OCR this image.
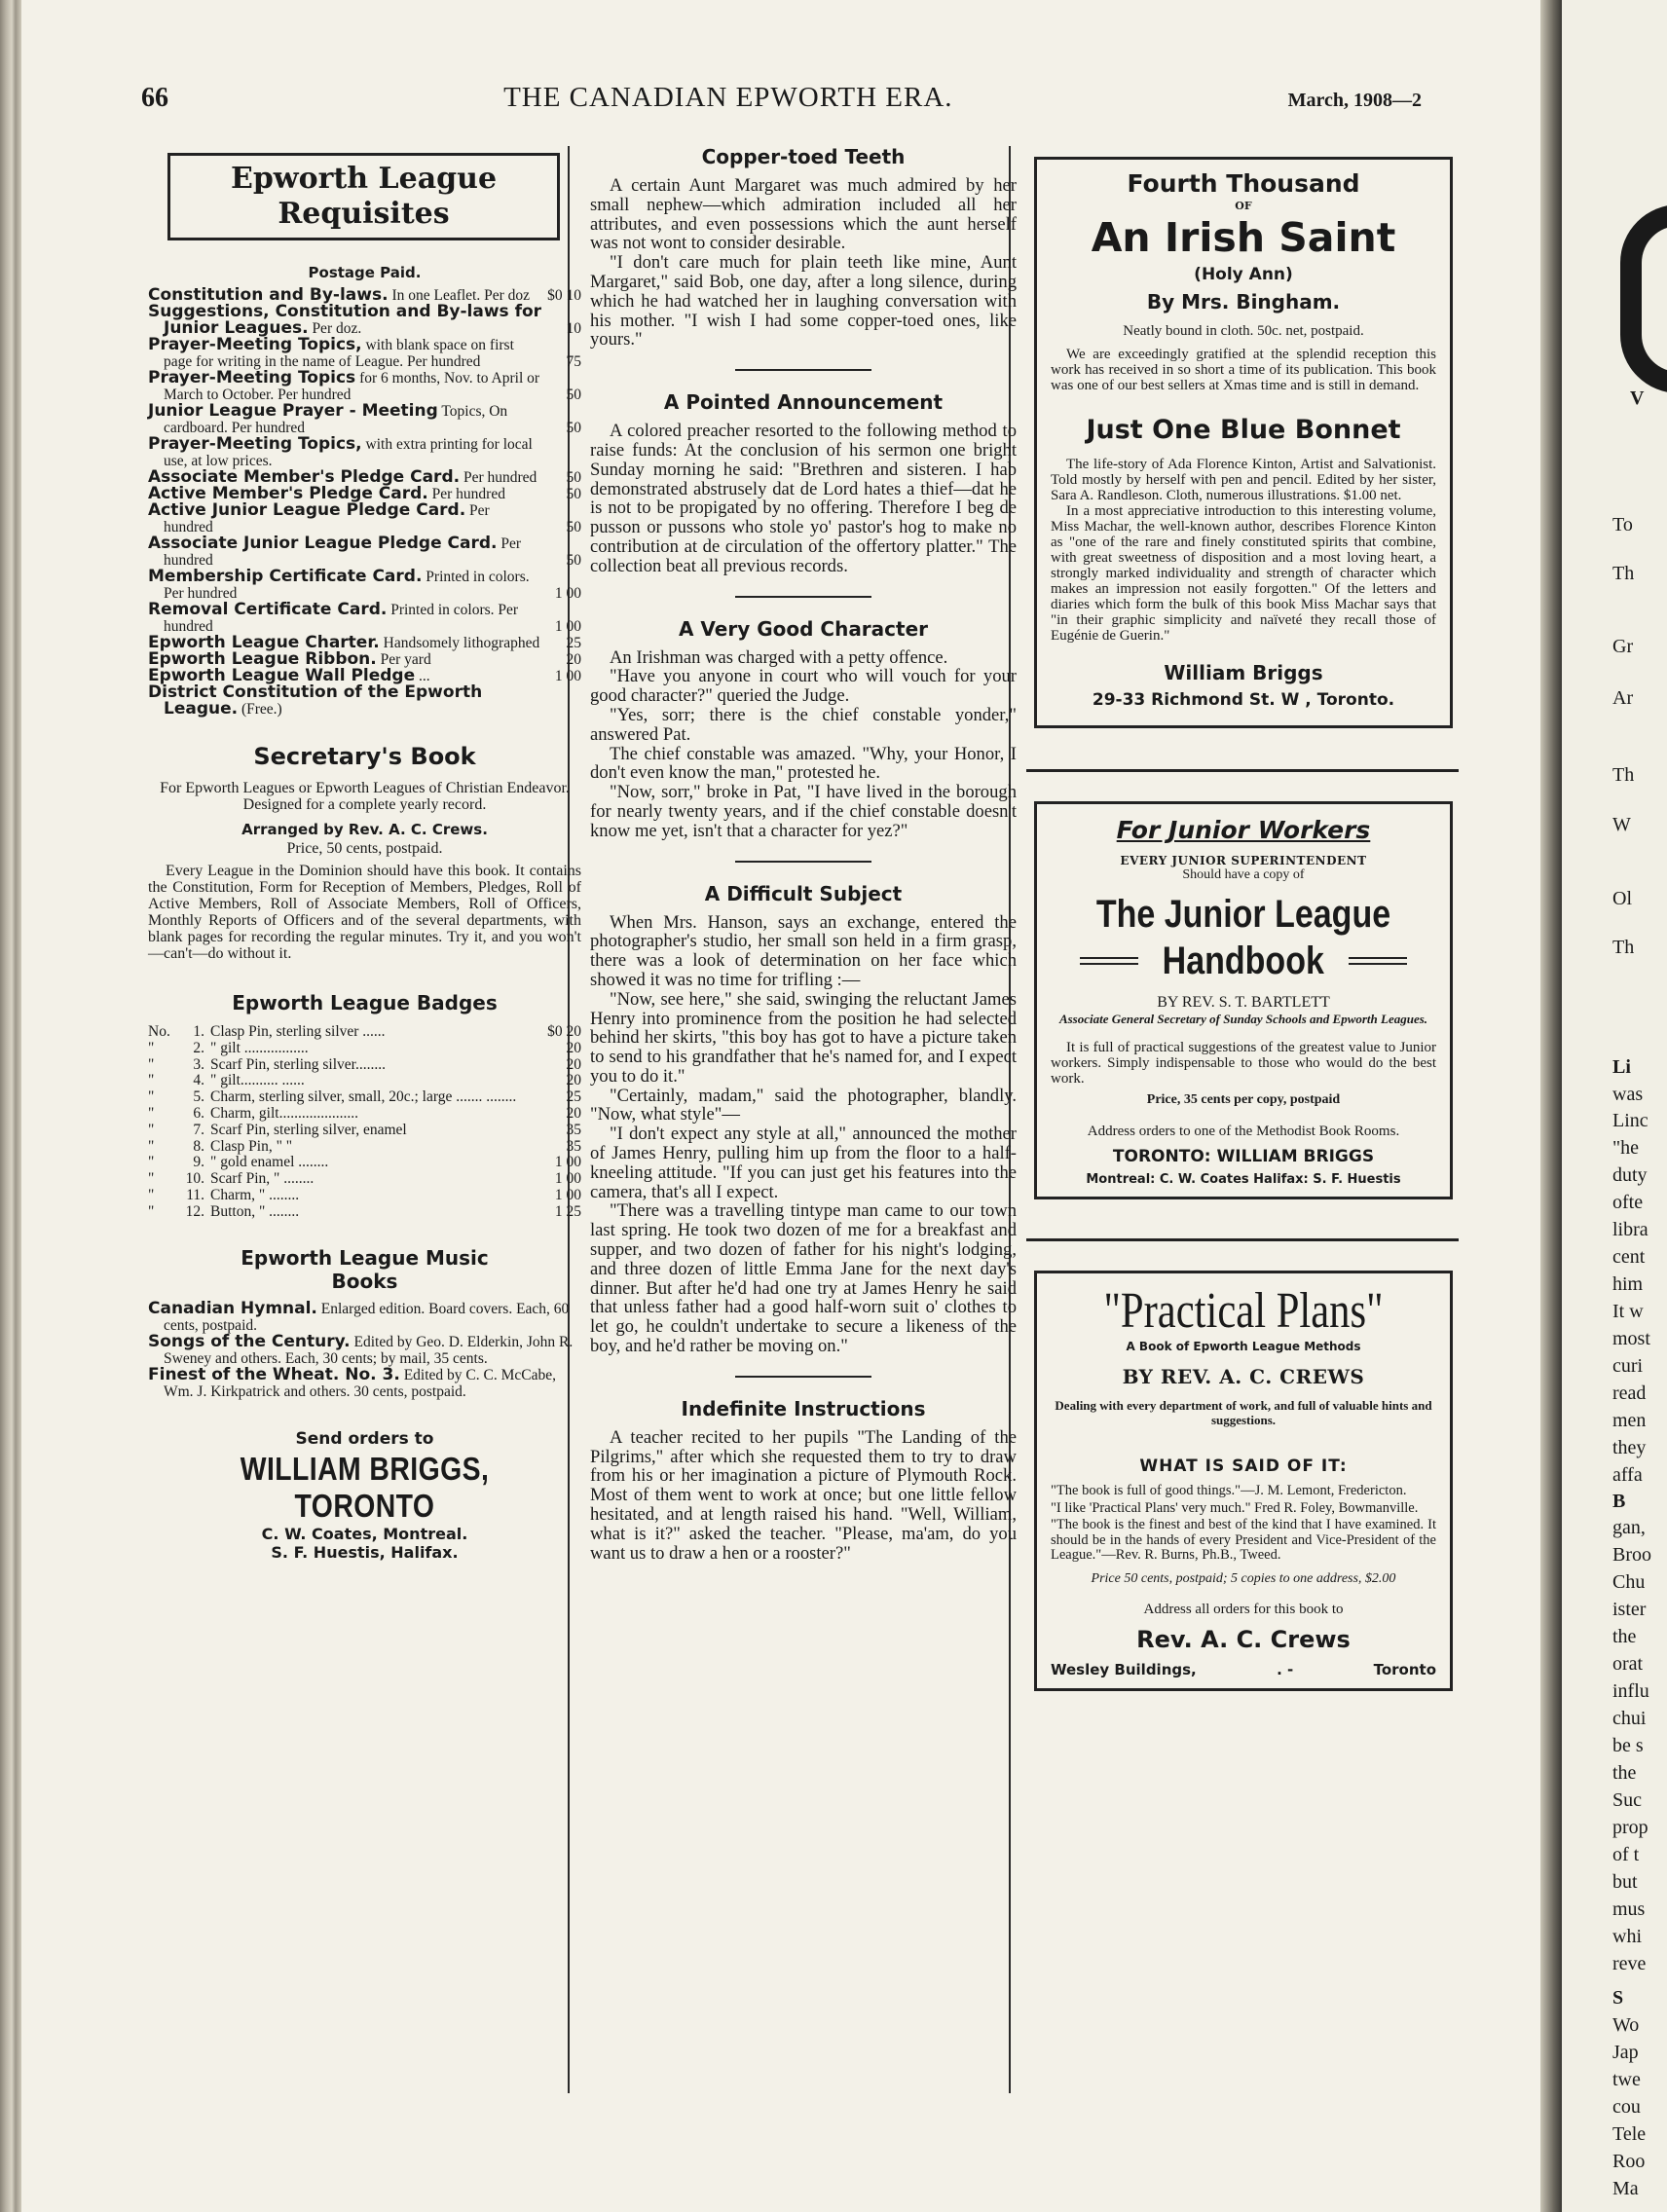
66	THE CANADIAN EPWORTH ERA.	March, 1908—2
Epworth League
Requisites
Postage Paid.
Constitution and By-laws. In one Leaflet. Per doz $0 10
Suggestions, Constitution and By-laws for Junior Leagues. Per doz.	10
Prayer-Meeting Topics, with blank space on first page for writing in the name of League. Per hundred	75
Prayer-Meeting Topics for 6 months, Nov. to April or March to October. Per hundred	50
Junior League Prayer - Meeting Topics, On cardboard. Per hundred	50
Prayer-Meeting Topics, with extra printing for local use, at low prices.
Associate Member's Pledge Card. Per hundred 50
Active Member's Pledge Card. Per hundred	50
Active Junior League Pledge Card. Per hundred	50
Associate Junior League Pledge Card. Per hundred	50
Membership Certificate Card. Printed in colors. Per hundred	1 00
Removal Certificate Card. Printed in colors. Per hundred	1 00
Epworth League Charter. Handsomely lithographed 25
Epworth League Ribbon. Per yard	20
Epworth League Wall Pledge ...	1 00
District Constitution of the Epworth League. (Free.)
Secretary's Book
For Epworth Leagues or Epworth Leagues of Christian Endeavor. Designed for a complete yearly record.
Arranged by Rev. A. C. Crews.
Price, 50 cents, postpaid.
Every League in the Dominion should have this book. It contains the Constitution, Form for Reception of Members, Pledges, Roll of Active Members, Roll of Associate Members, Roll of Officers, Monthly Reports of Officers and of the several departments, with blank pages for recording the regular minutes. Try it, and you won't—can't—do without it.
Epworth League Badges
No.	1. Clasp Pin, sterling silver ......	$0 20
"	2. " gilt .................	20
"	3. Scarf Pin, sterling silver........	20
"	4. " gilt.......... ......	20
"	5. Charm, sterling silver, small, 20c.; large ....... ........	25
"	6. Charm, gilt.....................	20
"	7. Scarf Pin, sterling silver, enamel	35
"	8. Clasp Pin, " "	35
"	9. " gold enamel ........	1 00
"	10. Scarf Pin, " ........	1 00
"	11. Charm, " ........	1 00
"	12. Button, " ........	1 25
Epworth League Music
Books
Canadian Hymnal. Enlarged edition. Board covers. Each, 60 cents, postpaid.
Songs of the Century. Edited by Geo. D. Elderkin, John R. Sweney and others. Each, 30 cents; by mail, 35 cents.
Finest of the Wheat. No. 3. Edited by C. C. McCabe, Wm. J. Kirkpatrick and others. 30 cents, postpaid.
Send orders to
WILLIAM BRIGGS, TORONTO
C. W. Coates, Montreal.
S. F. Huestis, Halifax.
Copper-toed Teeth

A certain Aunt Margaret was much admired by her small nephew—which admiration included all her attributes, and even possessions which the aunt herself was not wont to consider desirable.

"I don't care much for plain teeth like mine, Aunt Margaret," said Bob, one day, after a long silence, during which he had watched her in laughing conversation with his mother. "I wish I had some copper-toed ones, like yours."

A Pointed Announcement

A colored preacher resorted to the following method to raise funds: At the conclusion of his sermon one bright Sunday morning he said: "Brethren and sisteren. I hab demonstrated abstrusely dat de Lord hates a thief—dat he is not to be propigated by no offering. Therefore I beg de pusson or pussons who stole yo' pastor's hog to make no contribution at de circulation of the offertory platter." The collection beat all previous records.

A Very Good Character

An Irishman was charged with a petty offence.

"Have you anyone in court who will vouch for your good character?" queried the Judge.

"Yes, sorr; there is the chief constable yonder," answered Pat.

The chief constable was amazed. "Why, your Honor, I don't even know the man," protested he.

"Now, sorr," broke in Pat, "I have lived in the borough for nearly twenty years, and if the chief constable doesn't know me yet, isn't that a character for yez?"

A Difficult Subject

When Mrs. Hanson, says an exchange, entered the photographer's studio, her small son held in a firm grasp, there was a look of determination on her face which showed it was no time for trifling :—

"Now, see here," she said, swinging the reluctant James Henry into prominence from the position he had selected behind her skirts, "this boy has got to have a picture taken to send to his grandfather that he's named for, and I expect you to do it."

"Certainly, madam," said the photographer, blandly. "Now, what style"—

"I don't expect any style at all," announced the mother of James Henry, pulling him up from the floor to a half-kneeling attitude. "If you can just get his features into the camera, that's all I expect.

"There was a travelling tintype man came to our town last spring. He took two dozen of me for a breakfast and supper, and two dozen of father for his night's lodging, and three dozen of little Emma Jane for the next day's dinner. But after he'd had one try at James Henry he said that unless father had a good half-worn suit o' clothes to let go, he couldn't undertake to secure a likeness of the boy, and he'd rather be moving on."

Indefinite Instructions

A teacher recited to her pupils "The Landing of the Pilgrims," after which she requested them to try to draw from his or her imagination a picture of Plymouth Rock. Most of them went to work at once; but one little fellow hesitated, and at length raised his hand. "Well, William, what is it?" asked the teacher. "Please, ma'am, do you want us to draw a hen or a rooster?"

Fourth Thousand
OF
An Irish Saint
(Holy Ann)
By Mrs. Bingham.

Neatly bound in cloth. 50c. net, postpaid.

We are exceedingly gratified at the splendid reception this work has received in so short a time of its publication. This book was one of our best sellers at Xmas time and is still in demand.

Just One Blue Bonnet

The life-story of Ada Florence Kinton, Artist and Salvationist. Told mostly by herself with pen and pencil. Edited by her sister, Sara A. Randleson. Cloth, numerous illustrations. $1.00 net.

In a most appreciative introduction to this interesting volume, Miss Machar, the well-known author, describes Florence Kinton as "one of the rare and finely constituted spirits that combine, with great sweetness of disposition and a most loving heart, a strongly marked individuality and strength of character which makes an impression not easily forgotten." Of the letters and diaries which form the bulk of this book Miss Machar says that "in their graphic simplicity and naïveté they recall those of Eugénie de Guerin."

William Briggs
29-33 Richmond St. W , Toronto.
For Junior Workers
EVERY JUNIOR SUPERINTENDENT
Should have a copy of
The Junior League
Handbook
BY REV. S. T. BARTLETT
Associate General Secretary of Sunday Schools and Epworth Leagues.

It is full of practical suggestions of the greatest value to Junior workers. Simply indispensable to those who would do the best work.

Price, 35 cents per copy, postpaid
Address orders to one of the Methodist Book Rooms.
TORONTO: WILLIAM BRIGGS
Montreal: C. W. Coates Halifax: S. F. Huestis
"Practical Plans"
A Book of Epworth League Methods
BY REV. A. C. CREWS
Dealing with every department of work, and full of valuable hints and suggestions.
WHAT IS SAID OF IT:
"The book is full of good things."—J. M. Lemont, Fredericton.
"I like 'Practical Plans' very much." Fred R. Foley, Bowmanville.
"The book is the finest and best of the kind that I have examined. It should be in the hands of every President and Vice-President of the League."—Rev. R. Burns, Ph.B., Tweed.
Price 50 cents, postpaid; 5 copies to one address, $2.00
Address all orders for this book to
Rev. A. C. Crews
Wesley Buildings,	. -	Toronto
V
To
Th
Gr
Ar
Th
W
Ol
Th
Li
was
Linc
"he
duty
ofte
libra
cent
him
It w
most
curi
read
men
they
affa
B
gan,
Broo
Chu
ister
the
orat
influ
chui
be s
the
Suc
prop
of t
but
mus
whi
reve
S
Wo
Jap
twe
cou
Tele
Roo
Ma
